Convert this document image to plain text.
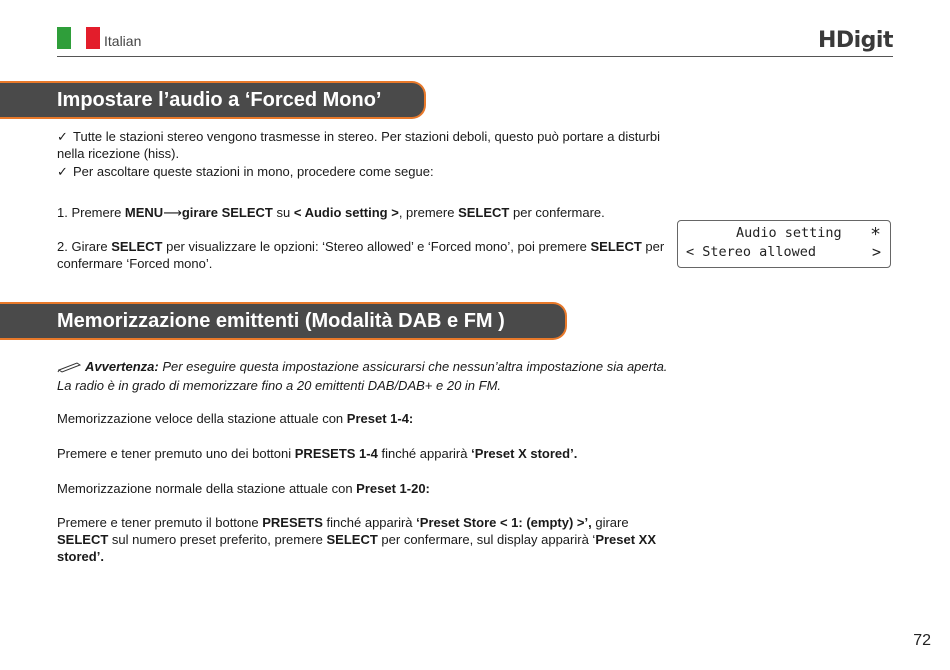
Italian	HDigit
Impostare l’audio a ‘Forced Mono’
✓ Tutte le stazioni stereo vengono trasmesse in stereo. Per stazioni deboli, questo può portare a disturbi
nella ricezione (hiss).
✓ Per ascoltare queste stazioni in mono, procedere come segue:
1. Premere MENU⟶girare SELECT su < Audio setting >, premere SELECT per confermare.
2. Girare SELECT per visualizzare le opzioni: ‘Stereo allowed’ e ‘Forced mono’, poi premere SELECT per
confermare ‘Forced mono’.
Audio setting *
< Stereo allowed	>
Memorizzazione emittenti (Modalità DAB e FM )
Avvertenza: Per eseguire questa impostazione assicurarsi che nessun’altra impostazione sia aperta.
La radio è in grado di memorizzare fino a 20 emittenti DAB/DAB+ e 20 in FM.
Memorizzazione veloce della stazione attuale con Preset 1-4:
Premere e tener premuto uno dei bottoni PRESETS 1-4 finché apparirà ‘Preset X stored’.
Memorizzazione normale della stazione attuale con Preset 1-20:
Premere e tener premuto il bottone PRESETS finché apparirà ‘Preset Store < 1: (empty) >’, girare
SELECT sul numero preset preferito, premere SELECT per confermare, sul display apparirà ‘Preset XX
stored’.
72
